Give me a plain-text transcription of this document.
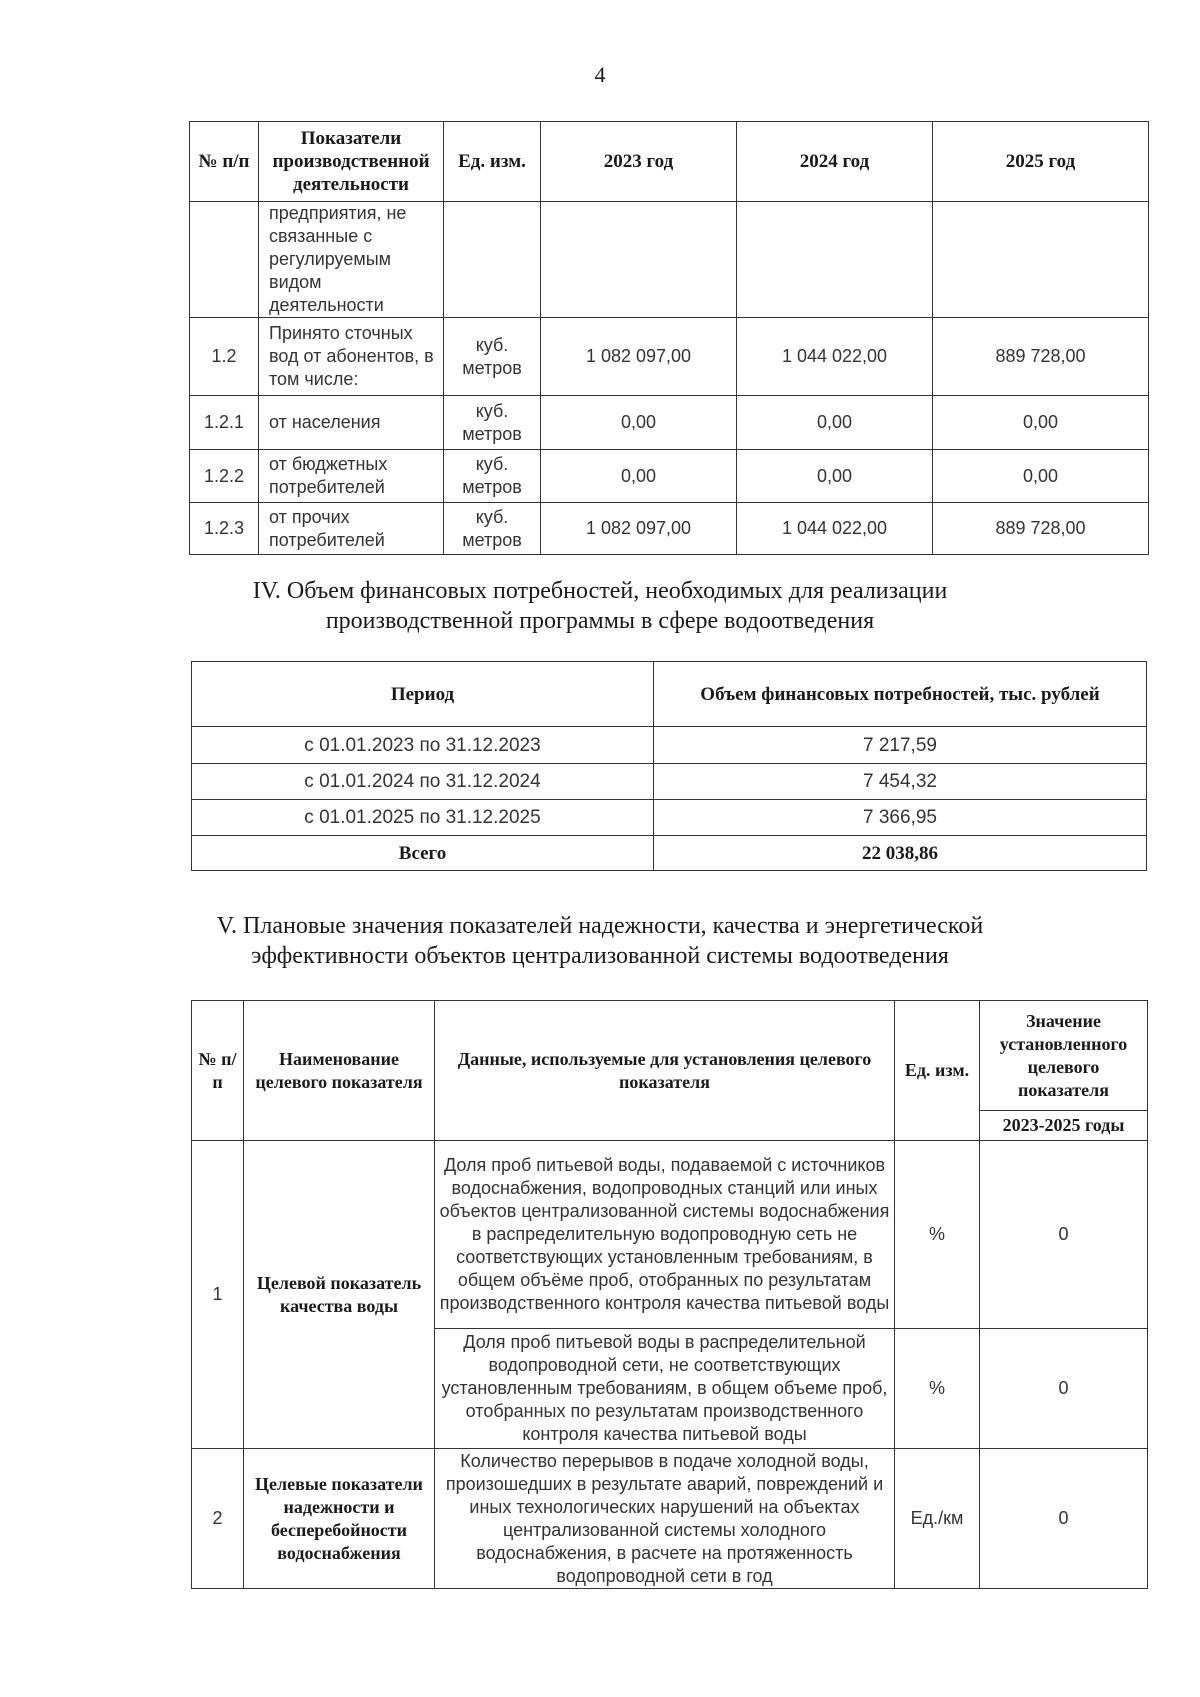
4
№ п/п	Показатели производственной деятельности	Ед. изм.	2023 год	2024 год	2025 год
	предприятия, не связанные с регулируемым видом деятельности				
1.2	Принято сточных вод от абонентов, в том числе:	куб. метров	1 082 097,00	1 044 022,00	889 728,00
1.2.1	от населения	куб. метров	0,00	0,00	0,00
1.2.2	от бюджетных потребителей	куб. метров	0,00	0,00	0,00
1.2.3	от прочих потребителей	куб. метров	1 082 097,00	1 044 022,00	889 728,00
IV. Объем финансовых потребностей, необходимых для реализации
производственной программы в сфере водоотведения
Период	Объем финансовых потребностей, тыс. рублей
с 01.01.2023 по 31.12.2023	7 217,59
с 01.01.2024 по 31.12.2024	7 454,32
с 01.01.2025 по 31.12.2025	7 366,95
Всего	22 038,86
V. Плановые значения показателей надежности, качества и энергетической
эффективности объектов централизованной системы водоотведения
№ п/п	Наименование целевого показателя	Данные, используемые для установления целевого показателя	Ед. изм.	Значение установленного целевого показателя
				2023-2025 годы
1	Целевой показатель качества воды	Доля проб питьевой воды, подаваемой с источников водоснабжения, водопроводных станций или иных объектов централизованной системы водоснабжения в распределительную водопроводную сеть не соответствующих установленным требованиям, в общем объёме проб, отобранных по результатам производственного контроля качества питьевой воды	%	0
		Доля проб питьевой воды в распределительной водопроводной сети, не соответствующих установленным требованиям, в общем объеме проб, отобранных по результатам производственного контроля качества питьевой воды	%	0
2	Целевые показатели надежности и бесперебойности водоснабжения	Количество перерывов в подаче холодной воды, произошедших в результате аварий, повреждений и иных технологических нарушений на объектах централизованной системы холодного водоснабжения, в расчете на протяженность водопроводной сети в год	Ед./км	0
